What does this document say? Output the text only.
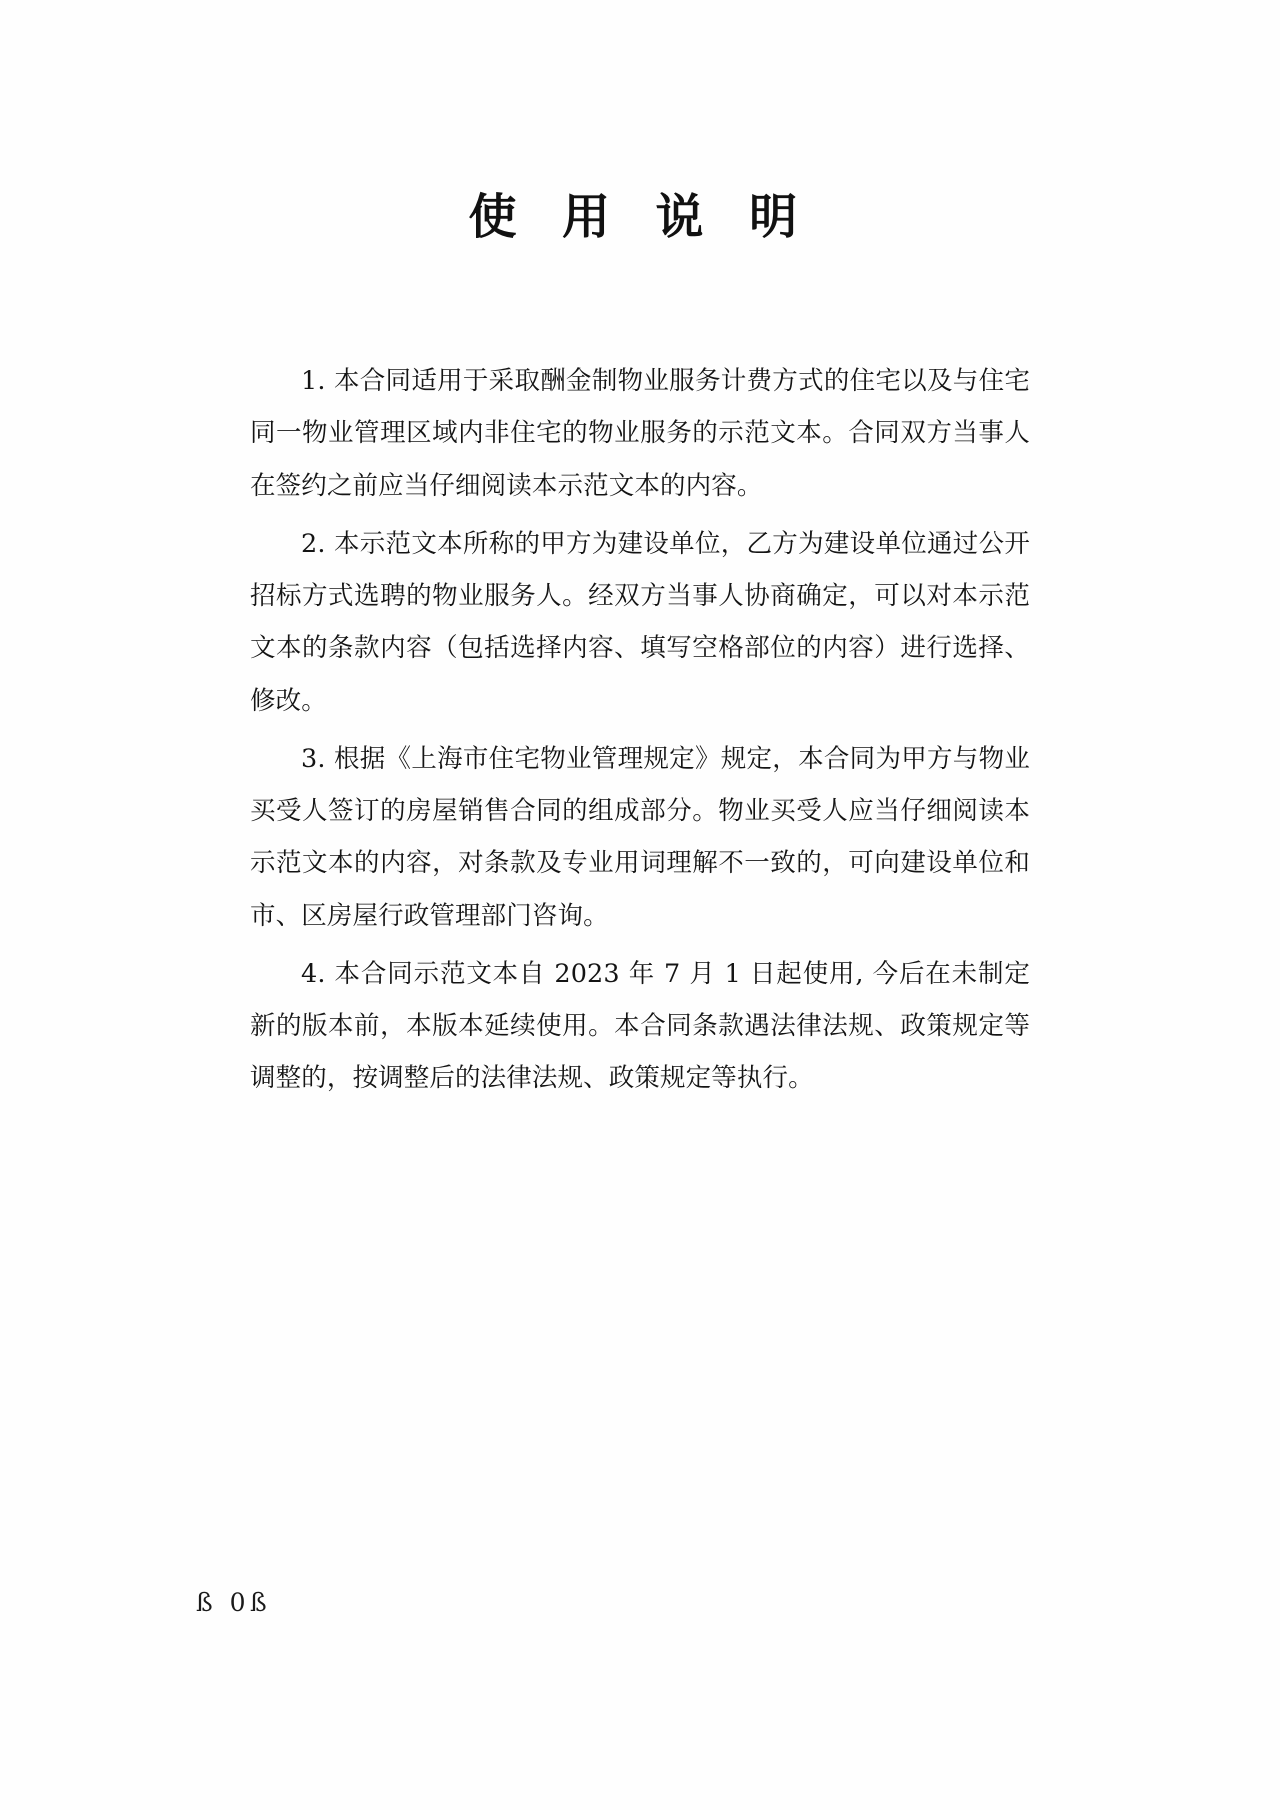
使 用 说 明

1. 本合同适用于采取酬金制物业服务计费方式的住宅以及与住宅同一物业管理区域内非住宅的物业服务的示范文本。合同双方当事人在签约之前应当仔细阅读本示范文本的内容。

2. 本示范文本所称的甲方为建设单位，乙方为建设单位通过公开招标方式选聘的物业服务人。经双方当事人协商确定，可以对本示范文本的条款内容（包括选择内容、填写空格部位的内容）进行选择、修改。

3. 根据《上海市住宅物业管理规定》规定，本合同为甲方与物业买受人签订的房屋销售合同的组成部分。物业买受人应当仔细阅读本示范文本的内容，对条款及专业用词理解不一致的，可向建设单位和市、区房屋行政管理部门咨询。

4. 本合同示范文本自 2023 年 7 月 1 日起使用, 今后在未制定新的版本前，本版本延续使用。本合同条款遇法律法规、政策规定等调整的，按调整后的法律法规、政策规定等执行。

ß 0ß
